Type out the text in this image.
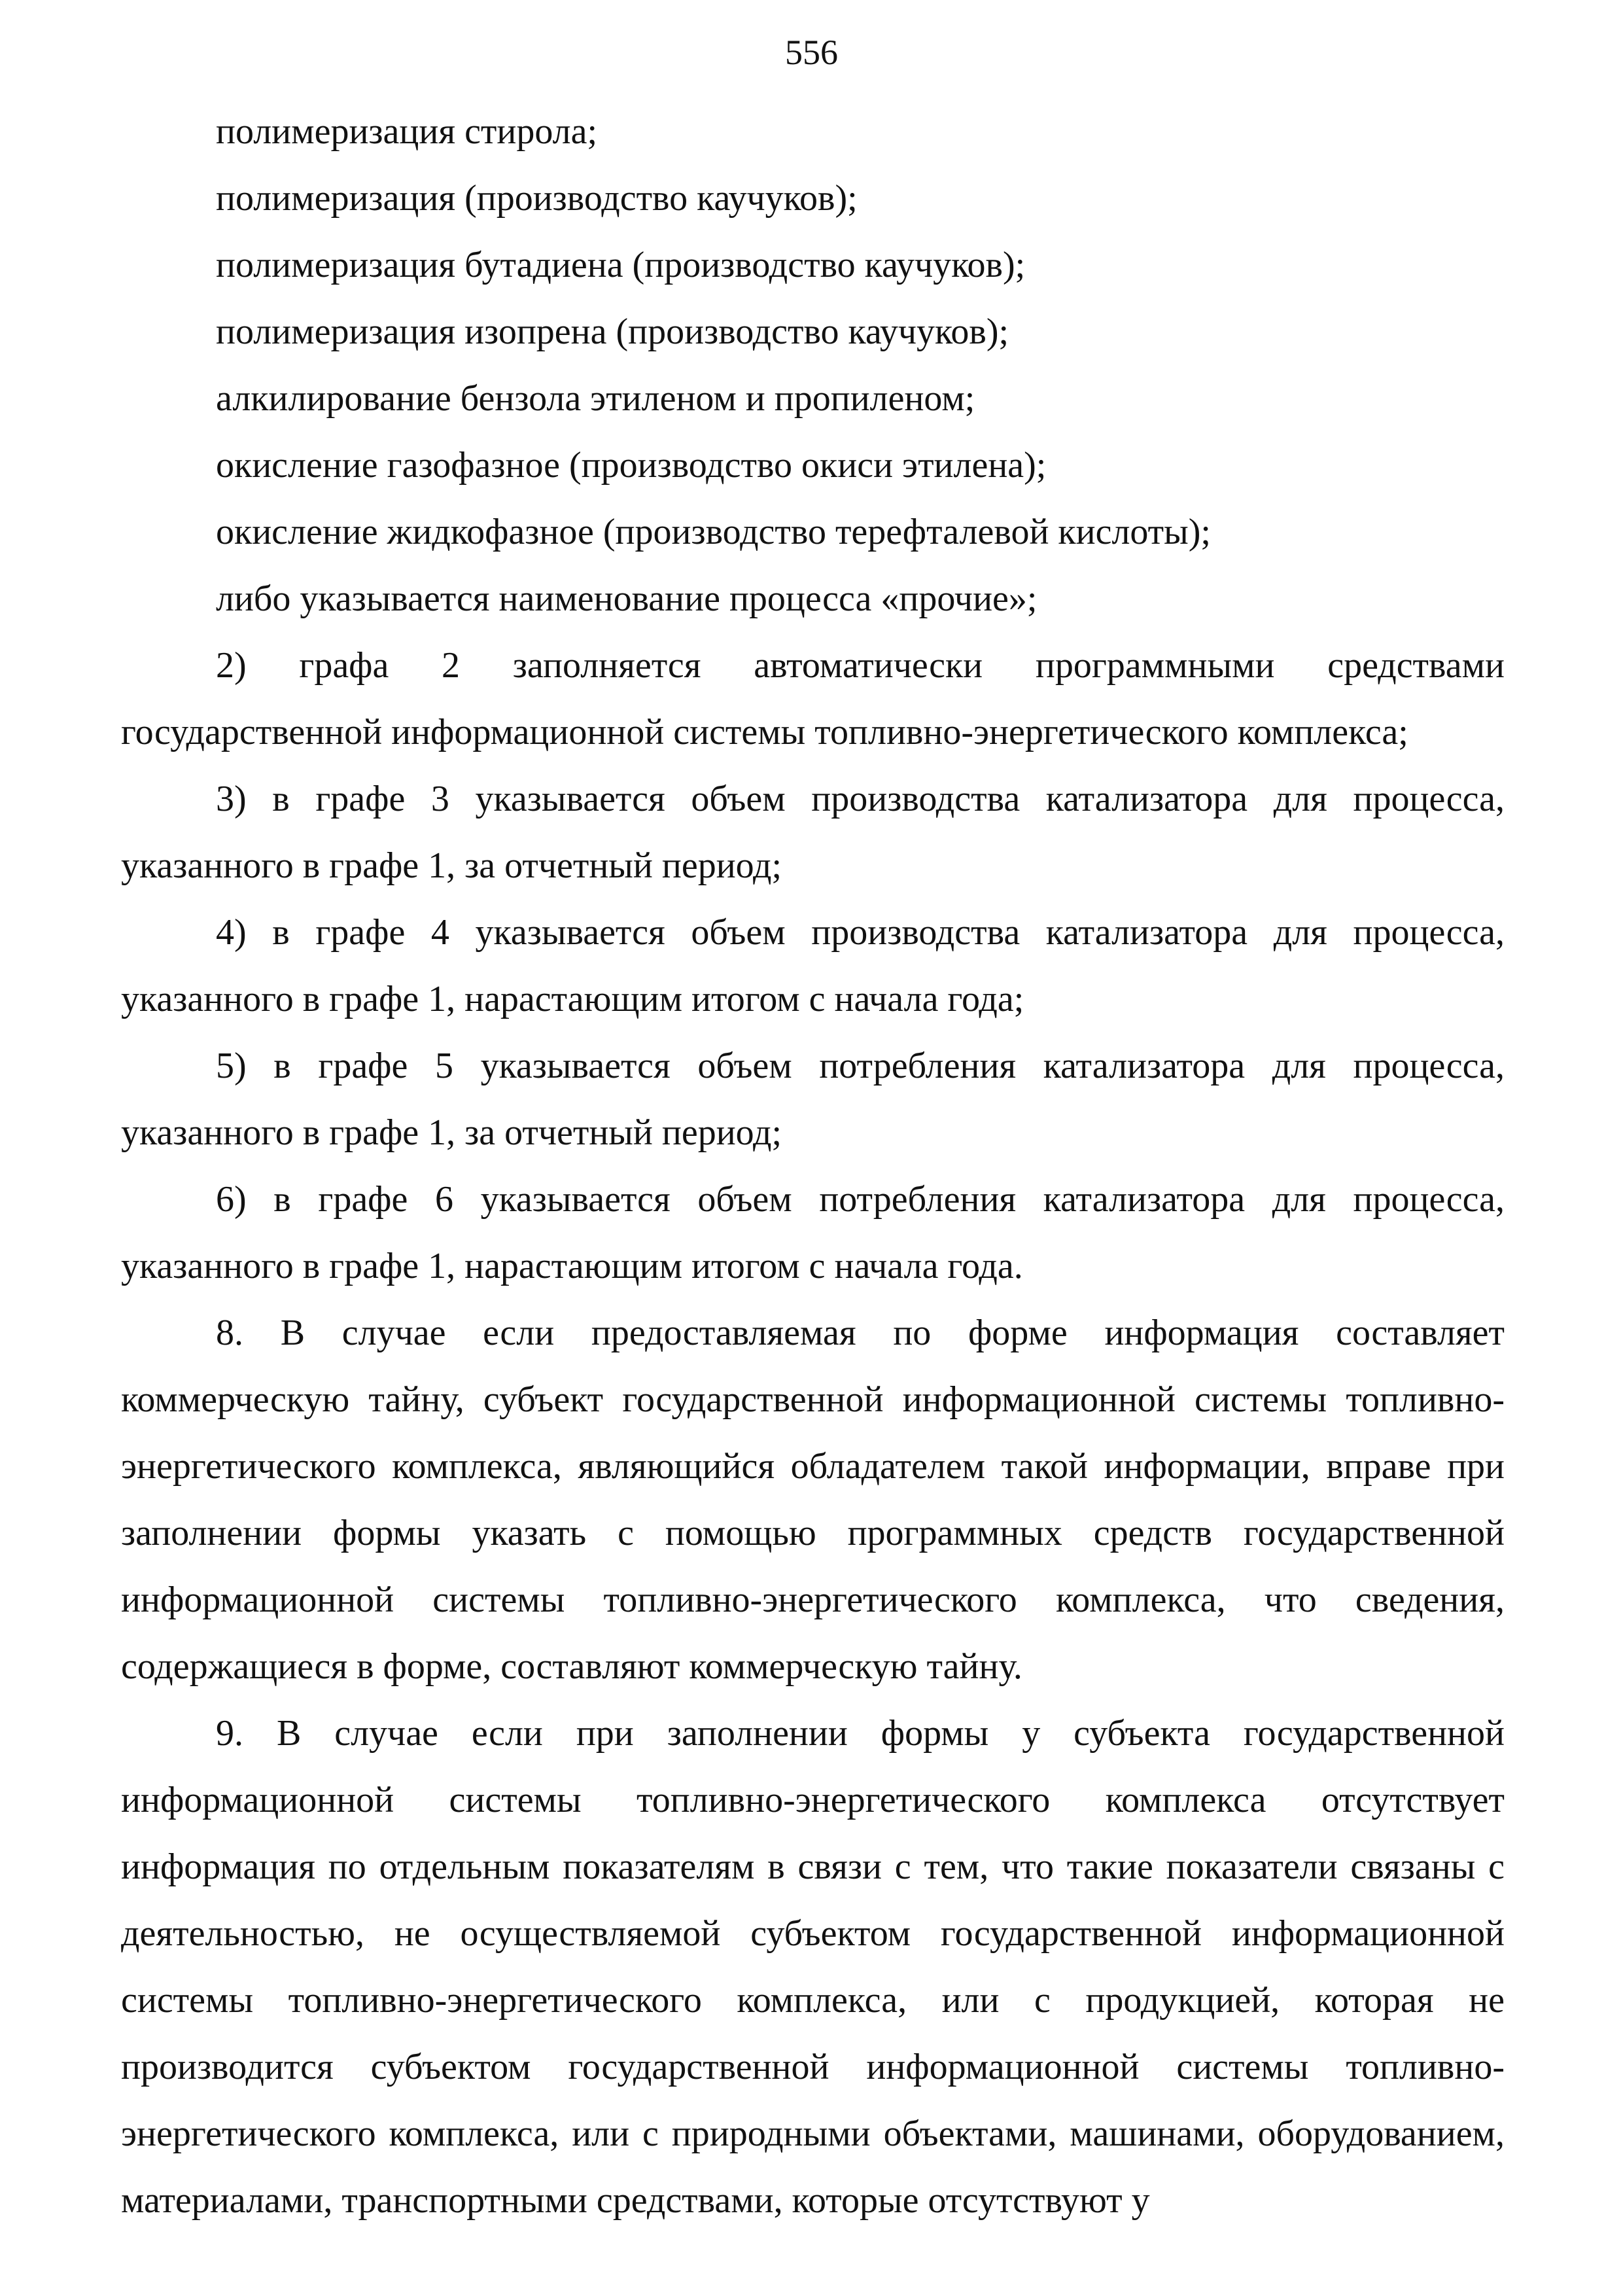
556
полимеризация стирола;
полимеризация (производство каучуков);
полимеризация бутадиена (производство каучуков);
полимеризация изопрена (производство каучуков);
алкилирование бензола этиленом и пропиленом;
окисление газофазное (производство окиси этилена);
окисление жидкофазное (производство терефталевой кислоты);
либо указывается наименование процесса «прочие»;

2) графа 2 заполняется автоматически программными средствами государственной информационной системы топливно-энергетического комплекса;

3) в графе 3 указывается объем производства катализатора для процесса, указанного в графе 1, за отчетный период;

4) в графе 4 указывается объем производства катализатора для процесса, указанного в графе 1, нарастающим итогом с начала года;

5) в графе 5 указывается объем потребления катализатора для процесса, указанного в графе 1, за отчетный период;

6) в графе 6 указывается объем потребления катализатора для процесса, указанного в графе 1, нарастающим итогом с начала года.

8. В случае если предоставляемая по форме информация составляет коммерческую тайну, субъект государственной информационной системы топливно-энергетического комплекса, являющийся обладателем такой информации, вправе при заполнении формы указать с помощью программных средств государственной информационной системы топливно-энергетического комплекса, что сведения, содержащиеся в форме, составляют коммерческую тайну.

9. В случае если при заполнении формы у субъекта государственной информационной системы топливно-энергетического комплекса отсутствует информация по отдельным показателям в связи с тем, что такие показатели связаны с деятельностью, не осуществляемой субъектом государственной информационной системы топливно-энергетического комплекса, или с продукцией, которая не производится субъектом государственной информационной системы топливно-энергетического комплекса, или с природными объектами, машинами, оборудованием, материалами, транспортными средствами, которые отсутствуют у
